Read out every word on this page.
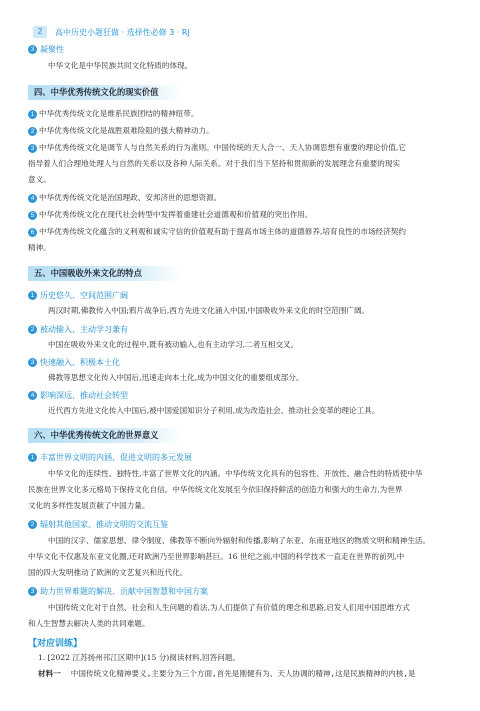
2	高中历史小题狂做 · 选择性必修 3 · RJ
3 凝聚性
中华文化是中华民族共同文化特质的体现。
四、中华优秀传统文化的现实价值
1 中华优秀传统文化是维系民族团结的精神纽带。
2 中华优秀传统文化是战胜艰难险阻的强大精神动力。
3 中华优秀传统文化是调节人与自然关系的行为准则。中国传统的天人合一、天人协调思想有重要的理论价值,它
指导着人们合理地处理人与自然的关系以及各种人际关系。对于我们当下坚持和贯彻新的发展理念有重要的现实
意义。
4 中华优秀传统文化是治国理政、安邦济世的思想资源。
5 中华优秀传统文化在现代社会转型中发挥着重建社会道德观和价值观的突出作用。
6 中华优秀传统文化蕴含的义利观和诚实守信的价值观有助于提高市场主体的道德修养,培育良性的市场经济契约
精神。
五、中国吸收外来文化的特点
1 历史悠久、空间范围广阔
两汉时期,佛教传入中国;鸦片战争后,西方先进文化涌入中国,中国吸收外来文化的时空范围广阔。
2 被动输入、主动学习兼有
中国在吸收外来文化的过程中,既有被动输入,也有主动学习,二者互相交叉。
3 快速融入、积极本土化
佛教等思想文化传入中国后,迅速走向本土化,成为中国文化的重要组成部分。
4 影响深远、推动社会转型
近代西方先进文化传入中国后,被中国爱国知识分子利用,成为改造社会、推动社会变革的理论工具。
六、中华优秀传统文化的世界意义
1 丰富世界文明的内涵、促进文明的多元发展
中华文化的连续性、独特性,丰富了世界文化的内涵。中华传统文化具有的包容性、开放性、融合性的特质使中华
民族在世界文化多元格局下保持文化自信。中华传统文化发展至今依旧保持鲜活的创造力和强大的生命力,为世界
文化的多样性发展贡献了中国力量。
2 辐射其他国家、推动文明的交流互鉴
中国的汉字、儒家思想、律令制度、佛教等不断向外辐射和传播,影响了东亚、东南亚地区的物质文明和精神生活。
中华文化不仅惠及东亚文化圈,还对欧洲乃至世界影响甚巨。16 世纪之前,中国的科学技术一直走在世界的前列,中
国的四大发明推动了欧洲的文艺复兴和近代化。
3 助力世界难题的解决、贡献中国智慧和中国方案
中国传统文化对于自然、社会和人生问题的看法,为人们提供了有价值的理念和思路,启发人们用中国思维方式
和人生智慧去解决人类的共同难题。
【对应训练】
1. [2022 江苏扬州邗江区期中](15 分)阅读材料,回答问题。
材料一 中国传统文化精神要义,主要分为三个方面,首先是刚健有为、天人协调的精神,这是民族精神的内核,是
